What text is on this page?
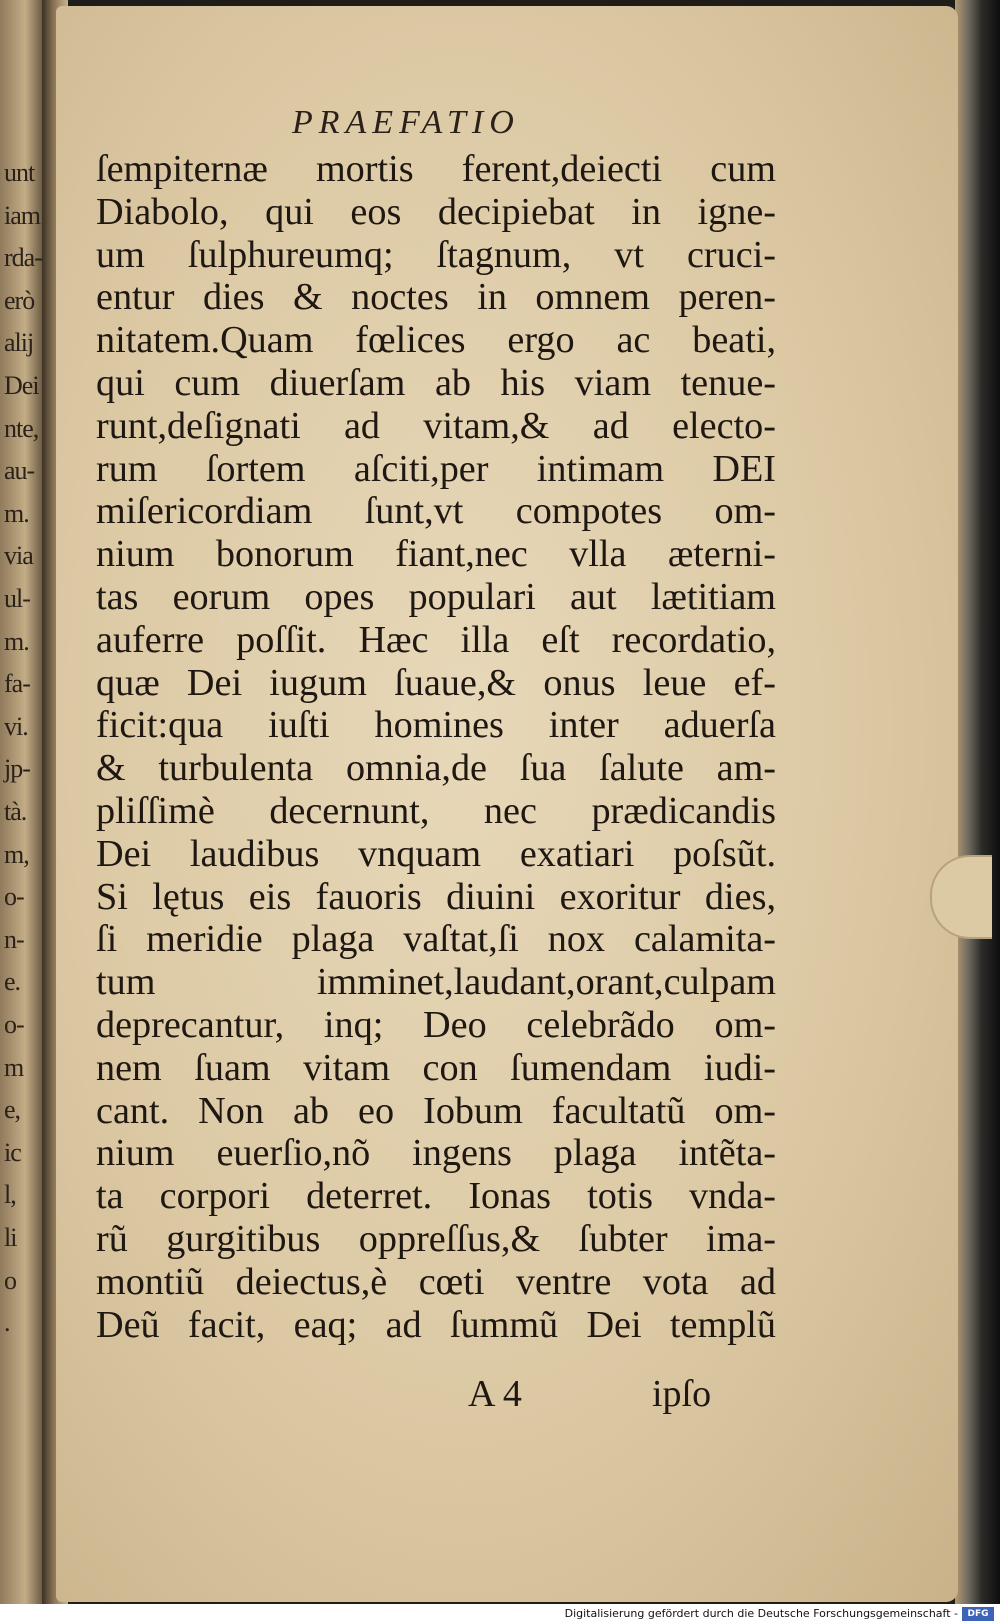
unt
iam
rda-
erò
alij
Dei
nte,
au-
m.
via
ul-
m.
fa-
vi.
jp-
tà.
m,
o-
n-
e.
o-
m
e,
ic
l,
li
o
.
PRAEFATIO
ſempiternæ mortis ferent,deiecti cum
Diabolo, qui eos decipiebat in igne-
um ſulphureumq; ſtagnum, vt cruci-
entur dies & noctes in omnem peren-
nitatem.Quam fœlices ergo ac beati,
qui cum diuerſam ab his viam tenue-
runt,deſignati ad vitam,& ad electo-
rum ſortem aſciti,per intimam DEI
miſericordiam ſunt,vt compotes om-
nium bonorum fiant,nec vlla æterni-
tas eorum opes populari aut lætitiam
auferre poſſit. Hæc illa eſt recordatio,
quæ Dei iugum ſuaue,& onus leue ef-
ficit:qua iuſti homines inter aduerſa
& turbulenta omnia,de ſua ſalute am-
pliſſimè decernunt, nec prædicandis
Dei laudibus vnquam exatiari poſsũt.
Si lętus eis fauoris diuini exoritur dies,
ſi meridie plaga vaſtat,ſi nox calamita-
tum imminet,laudant,orant,culpam
deprecantur, inq; Deo celebrãdo om-
nem ſuam vitam con ſumendam iudi-
cant. Non ab eo Iobum facultatũ om-
nium euerſio,nõ ingens plaga intẽta-
ta corpori deterret. Ionas totis vnda-
rũ gurgitibus oppreſſus,& ſubter ima-
montiũ deiectus,è cœti ventre vota ad
Deũ facit, eaq; ad ſummũ Dei templũ
A 4	ipſo
Digitalisierung gefördert durch die Deutsche Forschungsgemeinschaft -	DFG
